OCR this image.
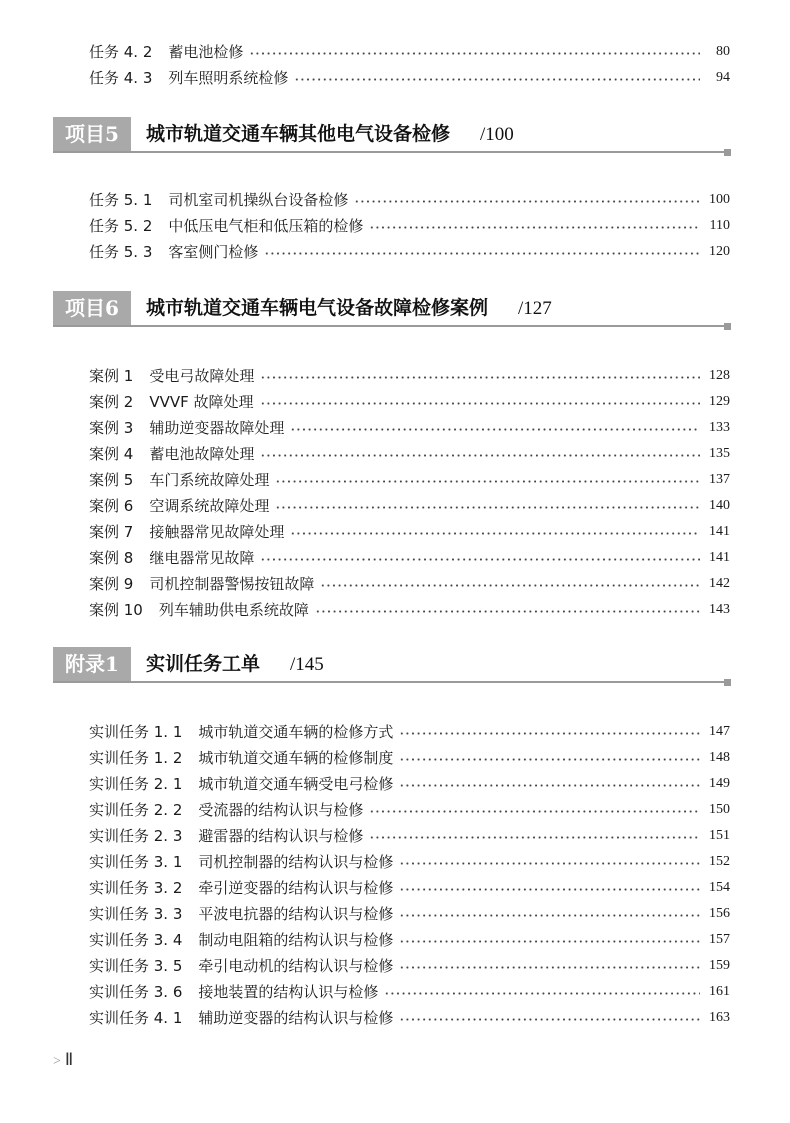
任务 4. 2 蓄电池检修	80
任务 4. 3 列车照明系统检修	94
项目5	城市轨道交通车辆其他电气设备检修 /100
任务 5. 1 司机室司机操纵台设备检修	100
任务 5. 2 中低压电气柜和低压箱的检修	110
任务 5. 3 客室侧门检修	120
项目6	城市轨道交通车辆电气设备故障检修案例 /127
案例 1 受电弓故障处理	128
案例 2 VVVF 故障处理	129
案例 3 辅助逆变器故障处理	133
案例 4 蓄电池故障处理	135
案例 5 车门系统故障处理	137
案例 6 空调系统故障处理	140
案例 7 接触器常见故障处理	141
案例 8 继电器常见故障	141
案例 9 司机控制器警惕按钮故障	142
案例 10 列车辅助供电系统故障	143
附录1	实训任务工单 /145
实训任务 1. 1 城市轨道交通车辆的检修方式	147
实训任务 1. 2 城市轨道交通车辆的检修制度	148
实训任务 2. 1 城市轨道交通车辆受电弓检修	149
实训任务 2. 2 受流器的结构认识与检修	150
实训任务 2. 3 避雷器的结构认识与检修	151
实训任务 3. 1 司机控制器的结构认识与检修	152
实训任务 3. 2 牵引逆变器的结构认识与检修	154
实训任务 3. 3 平波电抗器的结构认识与检修	156
实训任务 3. 4 制动电阻箱的结构认识与检修	157
实训任务 3. 5 牵引电动机的结构认识与检修	159
实训任务 3. 6 接地装置的结构认识与检修	161
实训任务 4. 1 辅助逆变器的结构认识与检修	163
> Ⅱ
